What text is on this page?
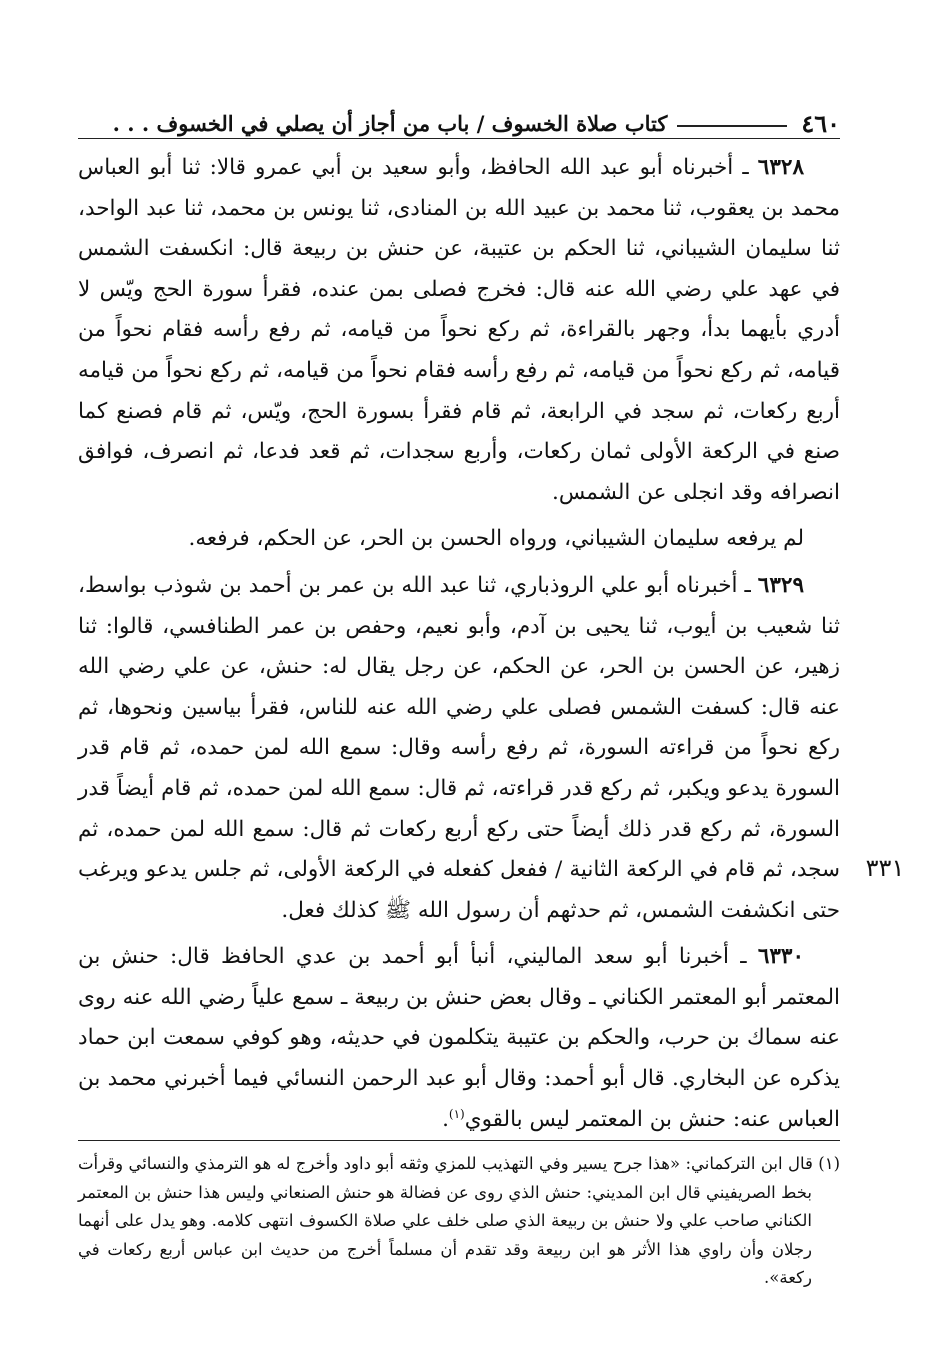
٤٦٠
كتاب صلاة الخسوف / باب من أجاز أن يصلي في الخسوف . . .

٦٣٢٨ ـ أخبرناه أبو عبد الله الحافظ، وأبو سعيد بن أبي عمرو قالا: ثنا أبو العباس محمد بن يعقوب، ثنا محمد بن عبيد الله بن المنادى، ثنا يونس بن محمد، ثنا عبد الواحد، ثنا سليمان الشيباني، ثنا الحكم بن عتيبة، عن حنش بن ربيعة قال: انكسفت الشمس في عهد علي رضي الله عنه قال: فخرج فصلى بمن عنده، فقرأ سورة الحج ويّس لا أدري بأيهما بدأ، وجهر بالقراءة، ثم ركع نحواً من قيامه، ثم رفع رأسه فقام نحواً من قيامه، ثم ركع نحواً من قيامه، ثم رفع رأسه فقام نحواً من قيامه، ثم ركع نحواً من قيامه أربع ركعات، ثم سجد في الرابعة، ثم قام فقرأ بسورة الحج، ويّس، ثم قام فصنع كما صنع في الركعة الأولى ثمان ركعات، وأربع سجدات، ثم قعد فدعا، ثم انصرف، فوافق انصرافه وقد انجلى عن الشمس.

لم يرفعه سليمان الشيباني، ورواه الحسن بن الحر، عن الحكم، فرفعه.

٦٣٢٩ ـ أخبرناه أبو علي الروذباري، ثنا عبد الله بن عمر بن أحمد بن شوذب بواسط، ثنا شعيب بن أيوب، ثنا يحيى بن آدم، وأبو نعيم، وحفص بن عمر الطنافسي، قالوا: ثنا زهير، عن الحسن بن الحر، عن الحكم، عن رجل يقال له: حنش، عن علي رضي الله عنه قال: كسفت الشمس فصلى علي رضي الله عنه للناس، فقرأ بياسين ونحوها، ثم ركع نحواً من قراءته السورة، ثم رفع رأسه وقال: سمع الله لمن حمده، ثم قام قدر السورة يدعو ويكبر، ثم ركع قدر قراءته، ثم قال: سمع الله لمن حمده، ثم قام أيضاً قدر السورة، ثم ركع قدر ذلك أيضاً حتى ركع أربع ركعات ثم قال: سمع الله لمن حمده، ثم سجد، ثم قام في الركعة الثانية / ففعل كفعله في الركعة الأولى، ثم جلس يدعو ويرغب حتى انكشفت الشمس، ثم حدثهم أن رسول الله ﷺ كذلك فعل.

٦٣٣٠ ـ أخبرنا أبو سعد الماليني، أنبأ أبو أحمد بن عدي الحافظ قال: حنش بن المعتمر أبو المعتمر الكناني ـ وقال بعض حنش بن ربيعة ـ سمع علياً رضي الله عنه روى عنه سماك بن حرب، والحكم بن عتيبة يتكلمون في حديثه، وهو كوفي سمعت ابن حماد يذكره عن البخاري. قال أبو أحمد: وقال أبو عبد الرحمن النسائي فيما أخبرني محمد بن العباس عنه: حنش بن المعتمر ليس بالقوي$^{(١)}$.

٣٣١

(١) قال ابن التركماني: «هذا جرح يسير وفي التهذيب للمزي وثقه أبو داود وأخرج له هو الترمذي والنسائي وقرأت بخط الصريفيني قال ابن المديني: حنش الذي روى عن فضالة هو حنش الصنعاني وليس هذا حنش بن المعتمر الكناني صاحب علي ولا حنش بن ربيعة الذي صلى خلف علي صلاة الكسوف انتهى كلامه. وهو يدل على أنهما رجلان وأن راوي هذا الأثر هو ابن ربيعة وقد تقدم أن مسلماً أخرج من حديث ابن عباس أربع ركعات في ركعة».
